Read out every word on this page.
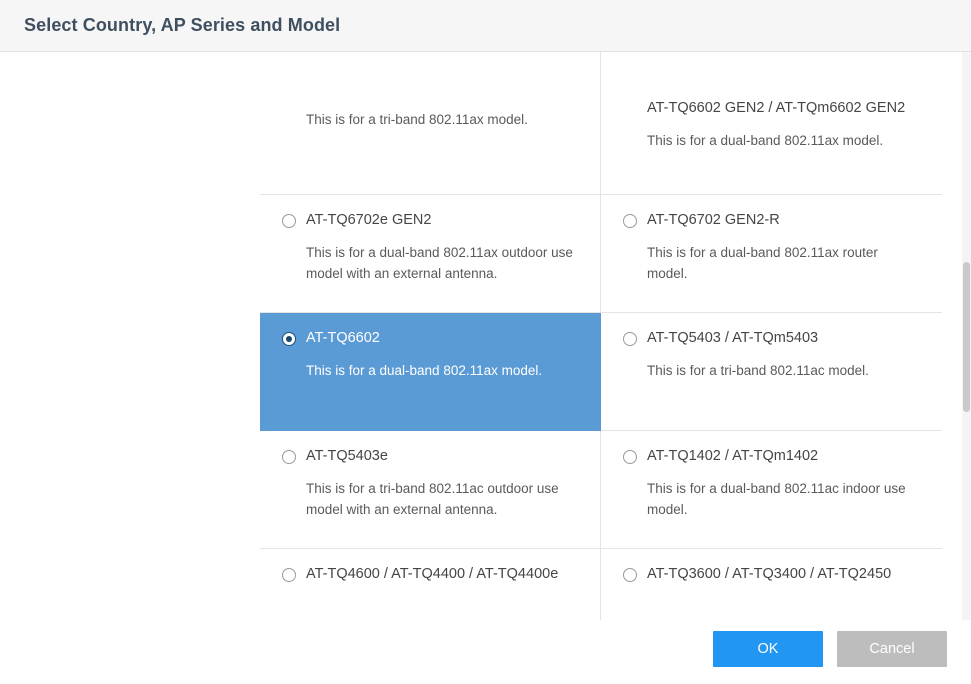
Select Country, AP Series and Model
This is for a tri-band 802.11ax model.
AT-TQ6602 GEN2 / AT-TQm6602 GEN2
This is for a dual-band 802.11ax model.
AT-TQ6702e GEN2
This is for a dual-band 802.11ax outdoor use model with an external antenna.
AT-TQ6702 GEN2-R
This is for a dual-band 802.11ax router model.
AT-TQ6602
This is for a dual-band 802.11ax model.
AT-TQ5403 / AT-TQm5403
This is for a tri-band 802.11ac model.
AT-TQ5403e
This is for a tri-band 802.11ac outdoor use model with an external antenna.
AT-TQ1402 / AT-TQm1402
This is for a dual-band 802.11ac indoor use model.
AT-TQ4600 / AT-TQ4400 / AT-TQ4400e	AT-TQ3600 / AT-TQ3400 / AT-TQ2450
OK	Cancel
